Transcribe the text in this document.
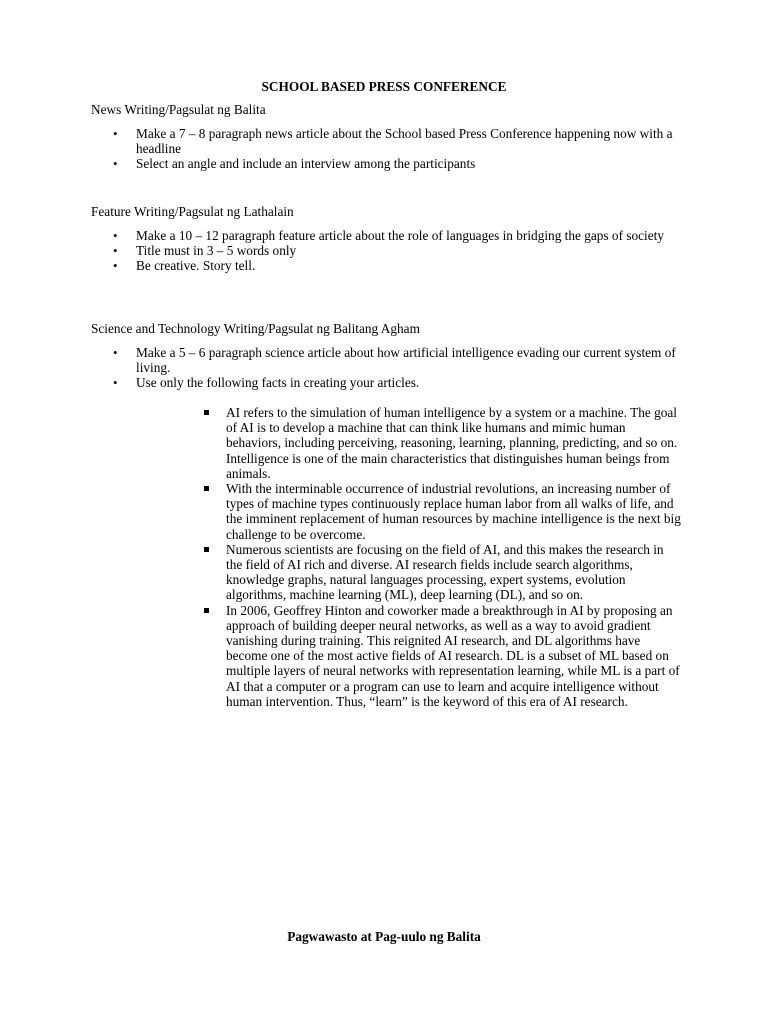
SCHOOL BASED PRESS CONFERENCE

News Writing/Pagsulat ng Balita

• Make a 7 – 8 paragraph news article about the School based Press Conference happening now with a headline
• Select an angle and include an interview among the participants

Feature Writing/Pagsulat ng Lathalain

• Make a 10 – 12 paragraph feature article about the role of languages in bridging the gaps of society
• Title must in 3 – 5 words only
• Be creative. Story tell.

Science and Technology Writing/Pagsulat ng Balitang Agham

• Make a 5 – 6 paragraph science article about how artificial intelligence evading our current system of living.
• Use only the following facts in creating your articles.
AI refers to the simulation of human intelligence by a system or a machine. The goal of AI is to develop a machine that can think like humans and mimic human behaviors, including perceiving, reasoning, learning, planning, predicting, and so on. Intelligence is one of the main characteristics that distinguishes human beings from animals.
With the interminable occurrence of industrial revolutions, an increasing number of types of machine types continuously replace human labor from all walks of life, and the imminent replacement of human resources by machine intelligence is the next big challenge to be overcome.
Numerous scientists are focusing on the field of AI, and this makes the research in the field of AI rich and diverse. AI research fields include search algorithms, knowledge graphs, natural languages processing, expert systems, evolution algorithms, machine learning (ML), deep learning (DL), and so on.
In 2006, Geoffrey Hinton and coworker made a breakthrough in AI by proposing an approach of building deeper neural networks, as well as a way to avoid gradient vanishing during training. This reignited AI research, and DL algorithms have become one of the most active fields of AI research. DL is a subset of ML based on multiple layers of neural networks with representation learning, while ML is a part of AI that a computer or a program can use to learn and acquire intelligence without human intervention. Thus, “learn” is the keyword of this era of AI research.

Pagwawasto at Pag-uulo ng Balita
